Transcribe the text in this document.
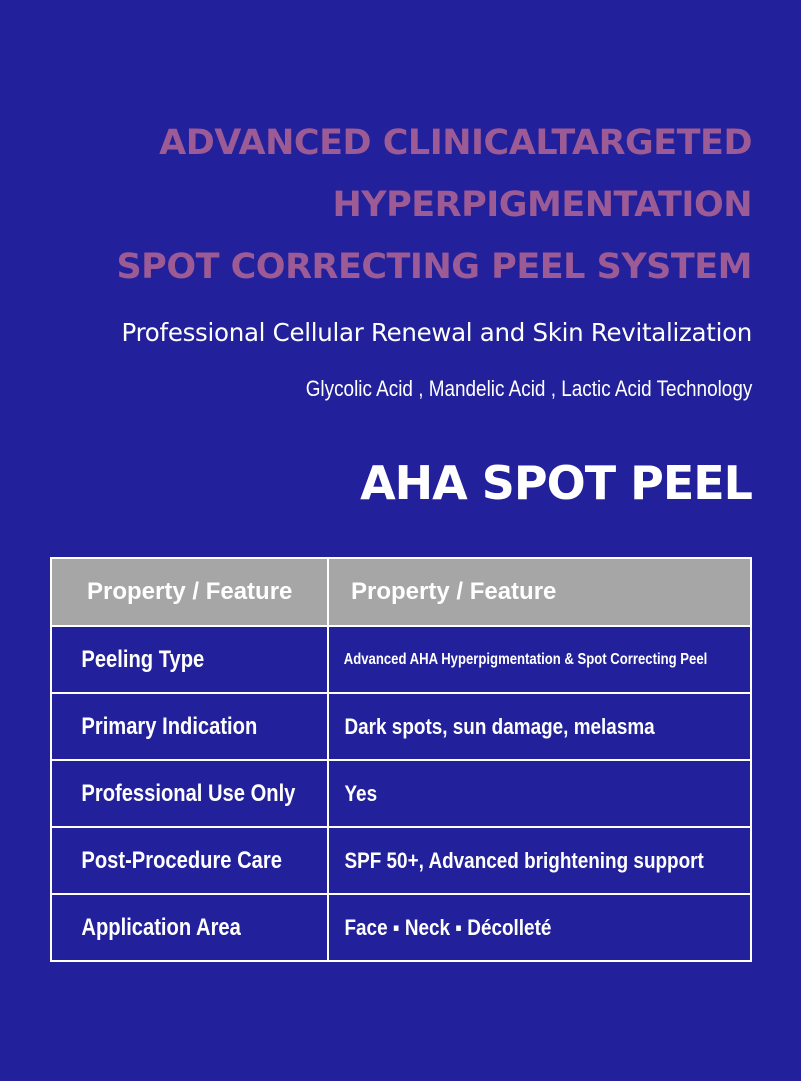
ADVANCED CLINICALTARGETED
HYPERPIGMENTATION
SPOT CORRECTING PEEL SYSTEM
Professional Cellular Renewal and Skin Revitalization
Glycolic Acid , Mandelic Acid , Lactic Acid Technology
AHA SPOT PEEL
Property / Feature	Property / Feature
Peeling Type	Advanced AHA Hyperpigmentation & Spot Correcting Peel
Primary Indication	Dark spots, sun damage, melasma
Professional Use Only	Yes
Post-Procedure Care	SPF 50+, Advanced brightening support
Application Area	Face ▪ Neck ▪ Décolleté
